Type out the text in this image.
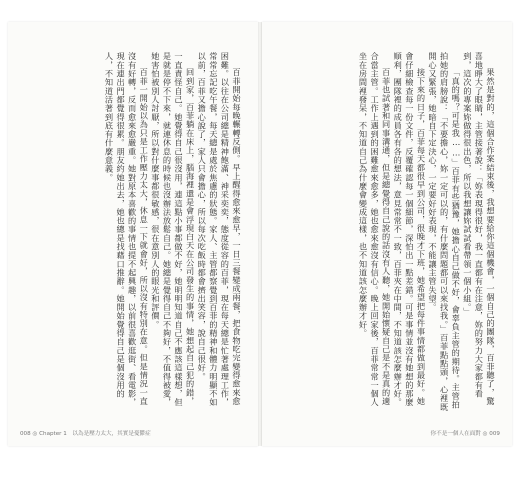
百菲開始每晚輾轉反側。早上醒得愈來愈早，一日三餐變成兩餐，把食物吃完變得愈來愈困難。以往在公司總是精神飽滿、神采奕奕，態度從容的百菲，現在每天總是忙著處理工作，常常忘記吃午餐，每天總是處於焦慮的狀態。家人、主管都察覺到百菲的精神和體力明顯不如以前，百菲又擔心說了，家人只會擔心，所以每次吃飯時都會擠出笑容，說自己很好。

回到家，百菲躺在床上，腦海裡還是會浮現白天在公司發生的事情，她想起自己犯的錯，一直責怪自己。她覺得自己很沒用，連這點小事都做不好，她明明知道自己不應該這樣想，但是就是停不下來，就連休息的時候也沒辦法放鬆自己。她總是覺得自己不夠好，不值得被愛，她害怕被別人討厭，所以對什麼事都很敏感，很在意別人的眼光和評價。

百菲一開始以為只是工作壓力太大，休息一下就會好，所以沒有特別在意。但是情況一直沒有好轉，反而愈來愈嚴重。她對原本喜歡的事情也提不起興趣，以前很喜歡逛街、看電影，現在連出門都覺得很累。朋友約她出去，她也總是找藉口推辭。她開始覺得自己是個沒用的人，不知道活著到底有什麼意義。

008 ◎ Chapter 1　以為是壓力太大，其實是憂鬱症

果然是對的，這個合作案結束後，我想要給你這個機會，一個自己的團隊，百菲聽了，驚喜地睜大了眼睛，主管接著說：「妳表現得很好，我一直都有在注意，妳的努力大家都有看到，這次的專案妳做得很出色，所以我想讓妳試試看帶領一個小組。」

「真的嗎？可是我……」百菲有些猶豫，她擔心自己做不好，會辜負主管的期待。主管拍拍她的肩膀說：「不要擔心，妳一定可以的，有什麼問題都可以來找我。」百菲點點頭，心裡既開心又緊張，她暗自下定決心，一定要好好表現，不能讓主管失望。

接下來的日子，百菲每天都很早到公司，很晚才下班，她希望把每件事情都做到最好。她會仔細檢查每一份文件，反覆確認每一個細節，深怕出一點差錯。可是事情並沒有她想的那麼順利，團隊裡的成員各有各的想法，意見常常不一致，百菲夾在中間，不知道該怎麼辦才好。

百菲也試著和同事溝通，但是總覺得自己說的話沒有人聽，她開始懷疑自己是不是真的適合當主管。工作上遇到的困難愈來愈多，她也愈來愈沒有信心。晚上回家後，百菲常常一個人坐在房間裡發呆，不知道自己為什麼會變成這樣，也不知道該怎麼辦才好。

你不是一個人在面對 ◎ 009
